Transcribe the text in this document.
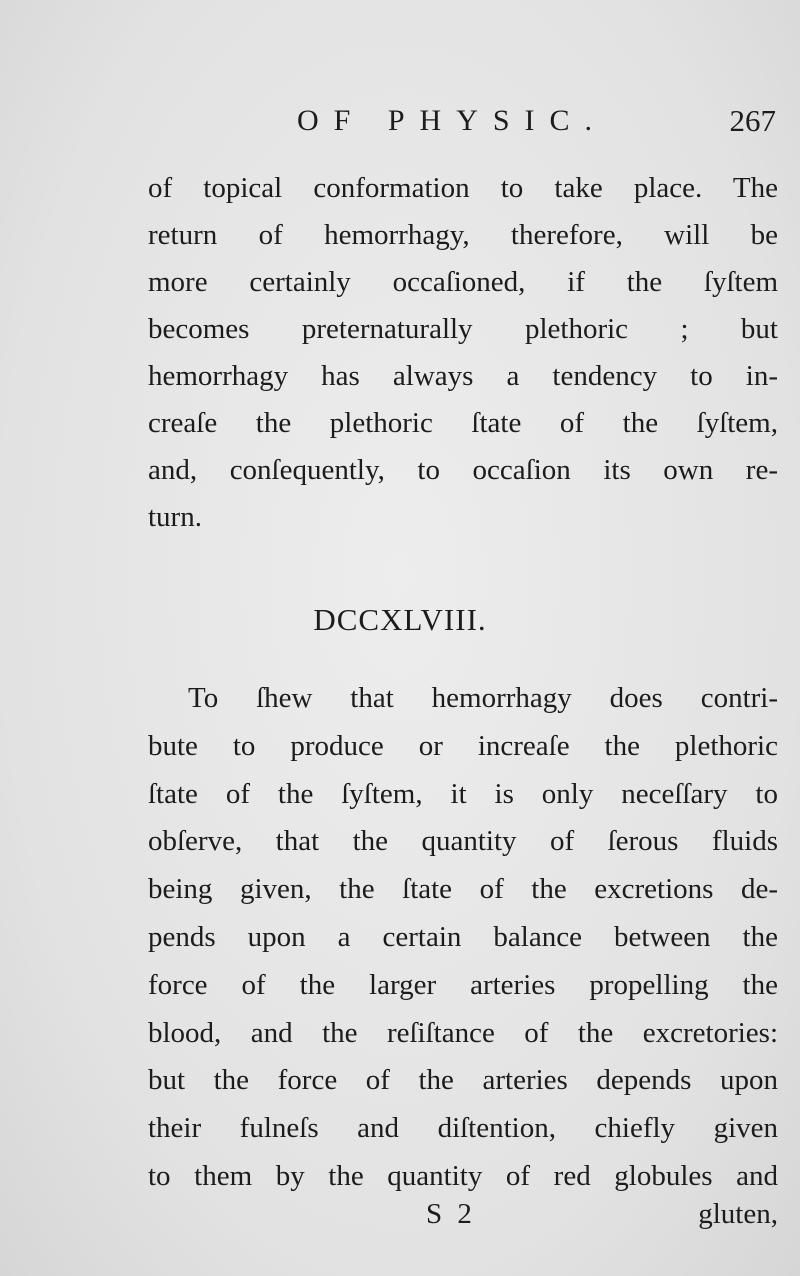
OF PHYSIC.	267
of topical conformation to take place. The
return of hemorrhagy, therefore, will be
more certainly occaſioned, if the ſyſtem
becomes preternaturally plethoric ; but
hemorrhagy has always a tendency to in-
creaſe the plethoric ſtate of the ſyſtem,
and, conſequently, to occaſion its own re-
turn.
DCCXLVIII.
To ſhew that hemorrhagy does contri-
bute to produce or increaſe the plethoric
ſtate of the ſyſtem, it is only neceſſary to
obſerve, that the quantity of ſerous fluids
being given, the ſtate of the excretions de-
pends upon a certain balance between the
force of the larger arteries propelling the
blood, and the reſiſtance of the excretories:
but the force of the arteries depends upon
their fulneſs and diſtention, chiefly given
to them by the quantity of red globules and
S 2	gluten,
